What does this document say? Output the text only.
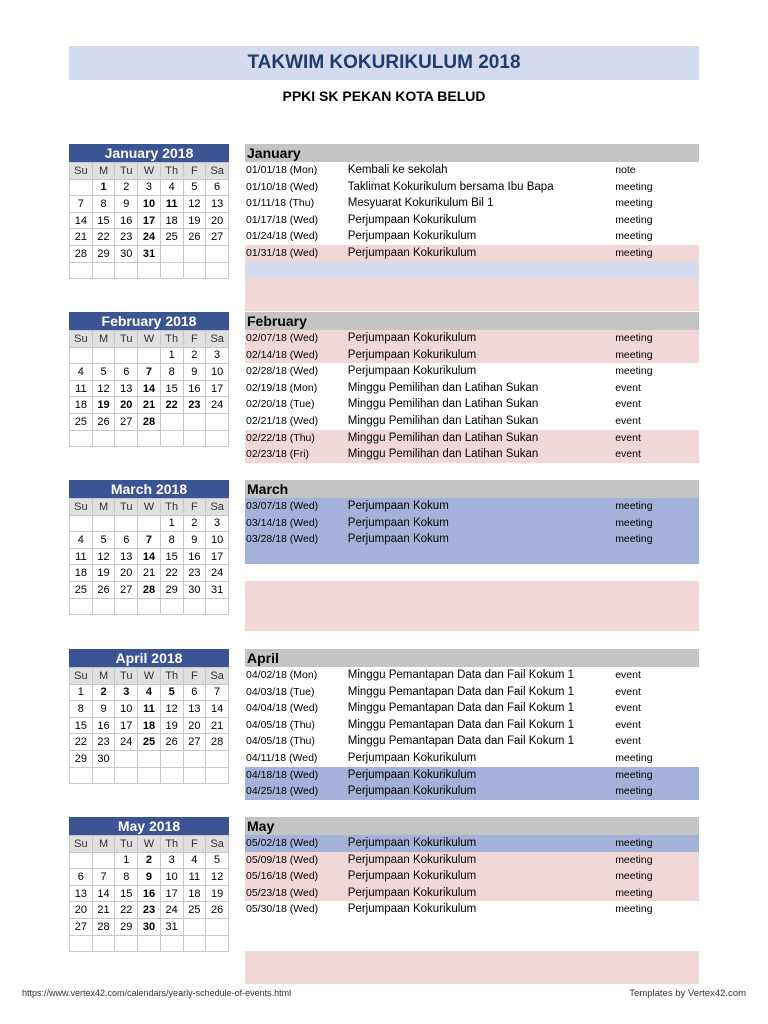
TAKWIM KOKURIKULUM 2018
PPKI SK PEKAN KOTA BELUD
January 2018
Su	M	Tu	W	Th	F	Sa
	1	2	3	4	5	6
7	8	9	10	11	12	13
14	15	16	17	18	19	20
21	22	23	24	25	26	27
28	29	30	31			

January
01/01/18 (Mon)	Kembali ke sekolah	note
01/10/18 (Wed)	Taklimat Kokurikulum bersama Ibu Bapa	meeting
01/11/18 (Thu)	Mesyuarat Kokurikulum Bil 1	meeting
01/17/18 (Wed)	Perjumpaan Kokurikulum	meeting
01/24/18 (Wed)	Perjumpaan Kokurikulum	meeting
01/31/18 (Wed)	Perjumpaan Kokurikulum	meeting
February 2018
Su	M	Tu	W	Th	F	Sa
				1	2	3
4	5	6	7	8	9	10
11	12	13	14	15	16	17
18	19	20	21	22	23	24
25	26	27	28			

February
02/07/18 (Wed)	Perjumpaan Kokurikulum	meeting
02/14/18 (Wed)	Perjumpaan Kokurikulum	meeting
02/28/18 (Wed)	Perjumpaan Kokurikulum	meeting
02/19/18 (Mon)	Minggu Pemilihan dan Latihan Sukan	event
02/20/18 (Tue)	Minggu Pemilihan dan Latihan Sukan	event
02/21/18 (Wed)	Minggu Pemilihan dan Latihan Sukan	event
02/22/18 (Thu)	Minggu Pemilihan dan Latihan Sukan	event
02/23/18 (Fri)	Minggu Pemilihan dan Latihan Sukan	event
March 2018
Su	M	Tu	W	Th	F	Sa
				1	2	3
4	5	6	7	8	9	10
11	12	13	14	15	16	17
18	19	20	21	22	23	24
25	26	27	28	29	30	31

March
03/07/18 (Wed)	Perjumpaan Kokum	meeting
03/14/18 (Wed)	Perjumpaan Kokum	meeting
03/28/18 (Wed)	Perjumpaan Kokum	meeting
April 2018
Su	M	Tu	W	Th	F	Sa
1	2	3	4	5	6	7
8	9	10	11	12	13	14
15	16	17	18	19	20	21
22	23	24	25	26	27	28
29	30					

April
04/02/18 (Mon)	Minggu Pemantapan Data dan Fail Kokum 1	event
04/03/18 (Tue)	Minggu Pemantapan Data dan Fail Kokum 1	event
04/04/18 (Wed)	Minggu Pemantapan Data dan Fail Kokum 1	event
04/05/18 (Thu)	Minggu Pemantapan Data dan Fail Kokum 1	event
04/05/18 (Thu)	Minggu Pemantapan Data dan Fail Kokum 1	event
04/11/18 (Wed)	Perjumpaan Kokurikulum	meeting
04/18/18 (Wed)	Perjumpaan Kokurikulum	meeting
04/25/18 (Wed)	Perjumpaan Kokurikulum	meeting
May 2018
Su	M	Tu	W	Th	F	Sa
		1	2	3	4	5
6	7	8	9	10	11	12
13	14	15	16	17	18	19
20	21	22	23	24	25	26
27	28	29	30	31		

May
05/02/18 (Wed)	Perjumpaan Kokurikulum	meeting
05/09/18 (Wed)	Perjumpaan Kokurikulum	meeting
05/16/18 (Wed)	Perjumpaan Kokurikulum	meeting
05/23/18 (Wed)	Perjumpaan Kokurikulum	meeting
05/30/18 (Wed)	Perjumpaan Kokurikulum	meeting
https://www.vertex42.com/calendars/yearly-schedule-of-events.html	Templates by Vertex42.com
